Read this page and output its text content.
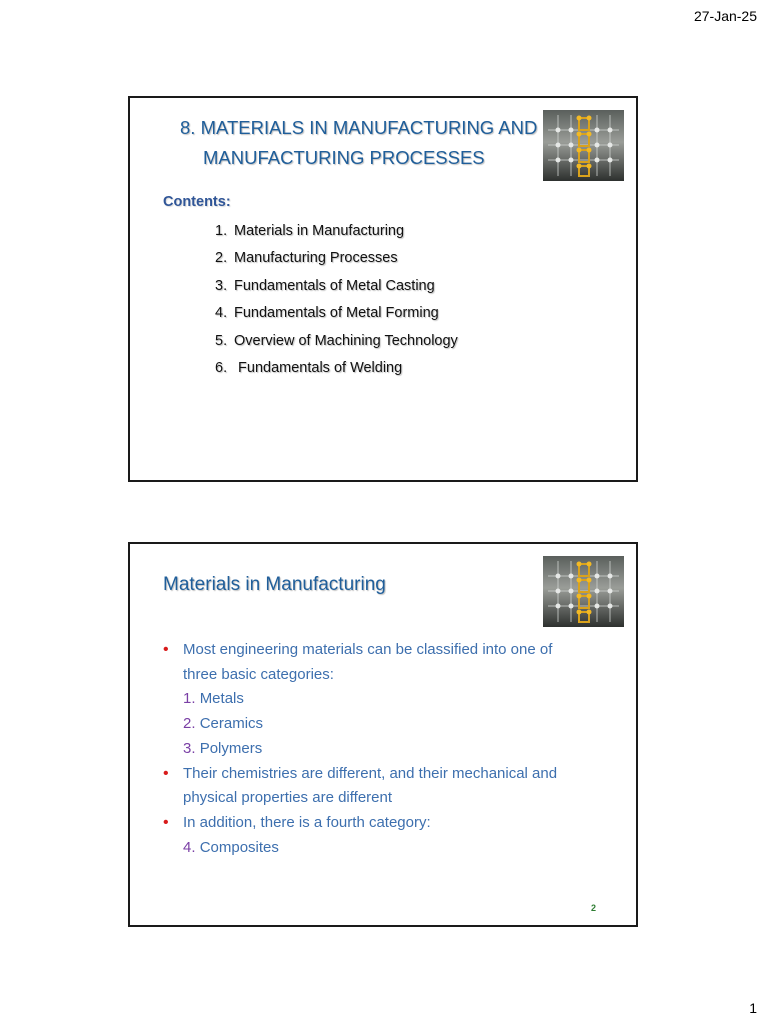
27-Jan-25
8. MATERIALS IN MANUFACTURING AND
MANUFACTURING PROCESSES
Contents:
1. Materials in Manufacturing
2. Manufacturing Processes
3. Fundamentals of Metal Casting
4. Fundamentals of Metal Forming
5. Overview of Machining Technology
6. Fundamentals of Welding
Materials in Manufacturing
• Most engineering materials can be classified into one of
three basic categories:
1. Metals
2. Ceramics
3. Polymers
• Their chemistries are different, and their mechanical and
physical properties are different
• In addition, there is a fourth category:
4. Composites
2
1
